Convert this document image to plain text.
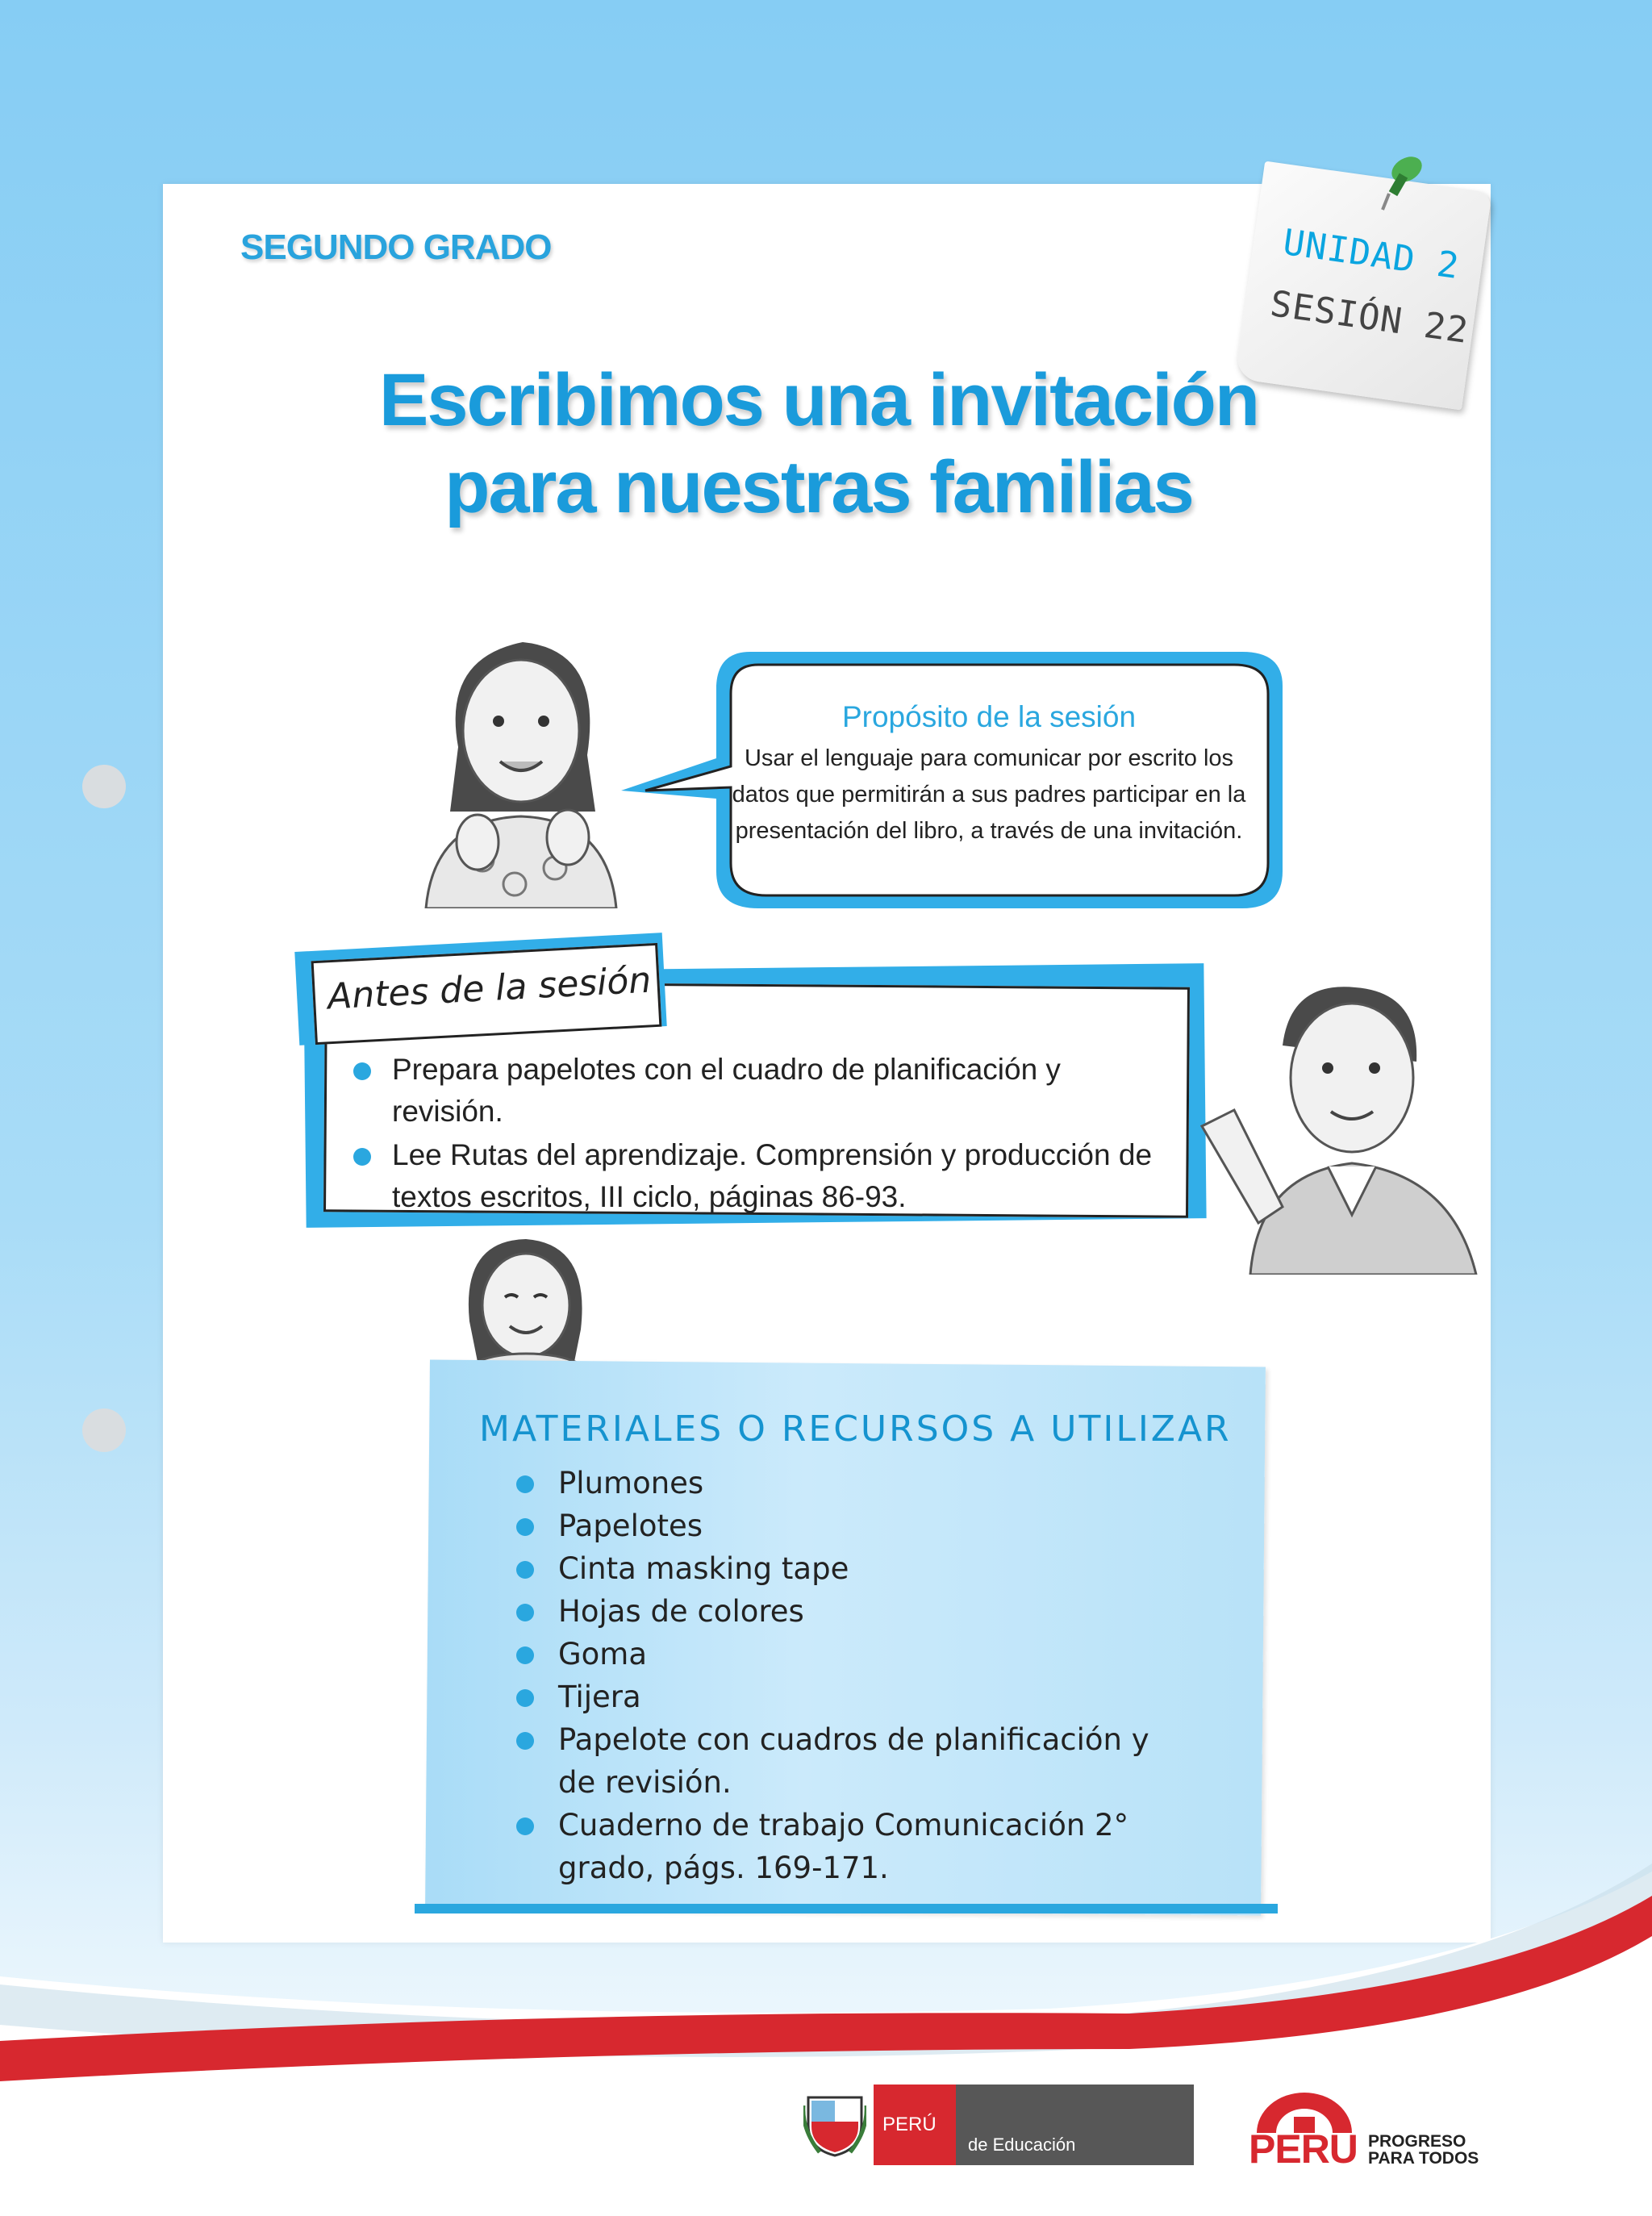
SEGUNDO GRADO	UNIDAD 2
SESIÓN 22
Escribimos una invitación
para nuestras familias
Propósito de la sesión
Usar el lenguaje para comunicar por escrito los
datos que permitirán a sus padres participar en la
presentación del libro, a través de una invitación.
Antes de la sesión
Prepara papelotes con el cuadro de planificación y revisión.
Lee Rutas del aprendizaje. Comprensión y producción de
textos escritos, III ciclo, páginas 86-93.
MATERIALES O RECURSOS A UTILIZAR
Plumones
Papelotes
Cinta masking tape
Hojas de colores
Goma
Tijera
Papelote con cuadros de planificación y
de revisión.
Cuaderno de trabajo Comunicación 2°
grado, págs. 169-171.
PERÚ
de Educación	PERÚ PROGRESO
PARA TODOS
